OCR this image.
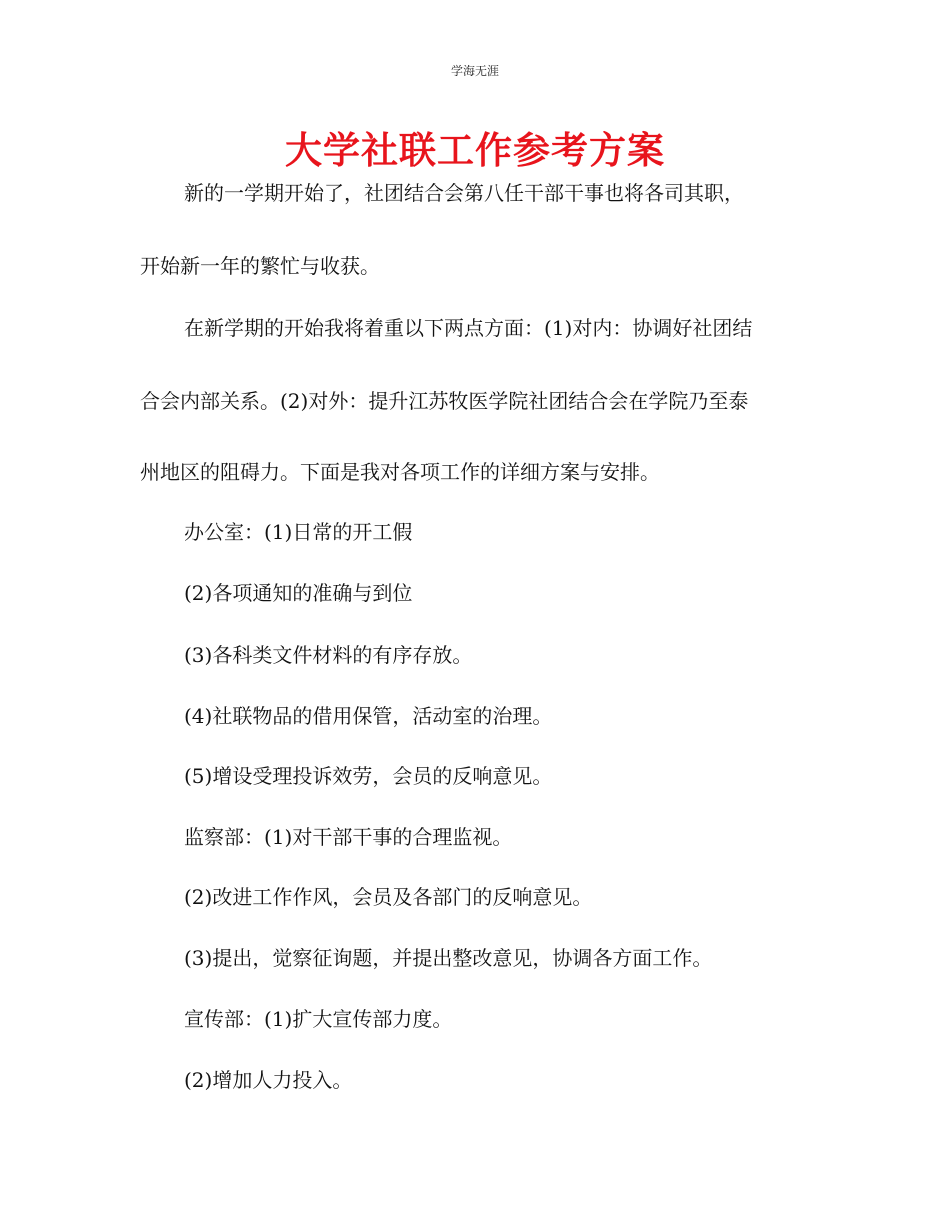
学海无涯
大学社联工作参考方案
新的一学期开始了，社团结合会第八任干部干事也将各司其职，
开始新一年的繁忙与收获。
在新学期的开始我将着重以下两点方面：(1)对内：协调好社团结
合会内部关系。(2)对外：提升江苏牧医学院社团结合会在学院乃至泰
州地区的阻碍力。下面是我对各项工作的详细方案与安排。
办公室：(1)日常的开工假
(2)各项通知的准确与到位
(3)各科类文件材料的有序存放。
(4)社联物品的借用保管，活动室的治理。
(5)增设受理投诉效劳，会员的反响意见。
监察部：(1)对干部干事的合理监视。
(2)改进工作作风，会员及各部门的反响意见。
(3)提出，觉察征询题，并提出整改意见，协调各方面工作。
宣传部：(1)扩大宣传部力度。
(2)增加人力投入。
